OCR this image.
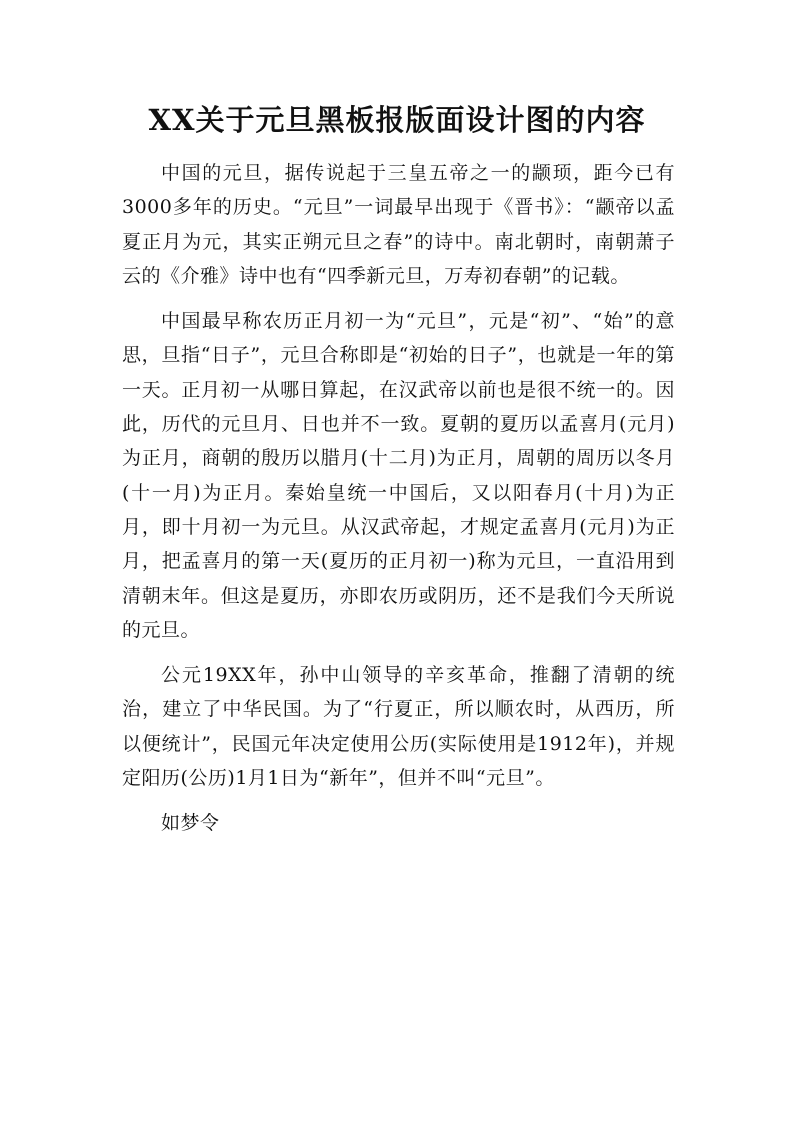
XX关于元旦黑板报版面设计图的内容

中国的元旦，据传说起于三皇五帝之一的颛顼，距今已有3000多年的历史。“元旦”一词最早出现于《晋书》：“颛帝以孟夏正月为元，其实正朔元旦之春”的诗中。南北朝时，南朝萧子云的《介雅》诗中也有“四季新元旦，万寿初春朝”的记载。

中国最早称农历正月初一为“元旦”，元是“初”、“始”的意思，旦指“日子”，元旦合称即是“初始的日子”，也就是一年的第一天。正月初一从哪日算起，在汉武帝以前也是很不统一的。因此，历代的元旦月、日也并不一致。夏朝的夏历以孟喜月(元月)为正月，商朝的殷历以腊月(十二月)为正月，周朝的周历以冬月(十一月)为正月。秦始皇统一中国后，又以阳春月(十月)为正月，即十月初一为元旦。从汉武帝起，才规定孟喜月(元月)为正月，把孟喜月的第一天(夏历的正月初一)称为元旦，一直沿用到清朝末年。但这是夏历，亦即农历或阴历，还不是我们今天所说的元旦。

公元19XX年，孙中山领导的辛亥革命，推翻了清朝的统治，建立了中华民国。为了“行夏正，所以顺农时，从西历，所以便统计”，民国元年决定使用公历(实际使用是1912年)，并规定阳历(公历)1月1日为“新年”，但并不叫“元旦”。

如梦令
